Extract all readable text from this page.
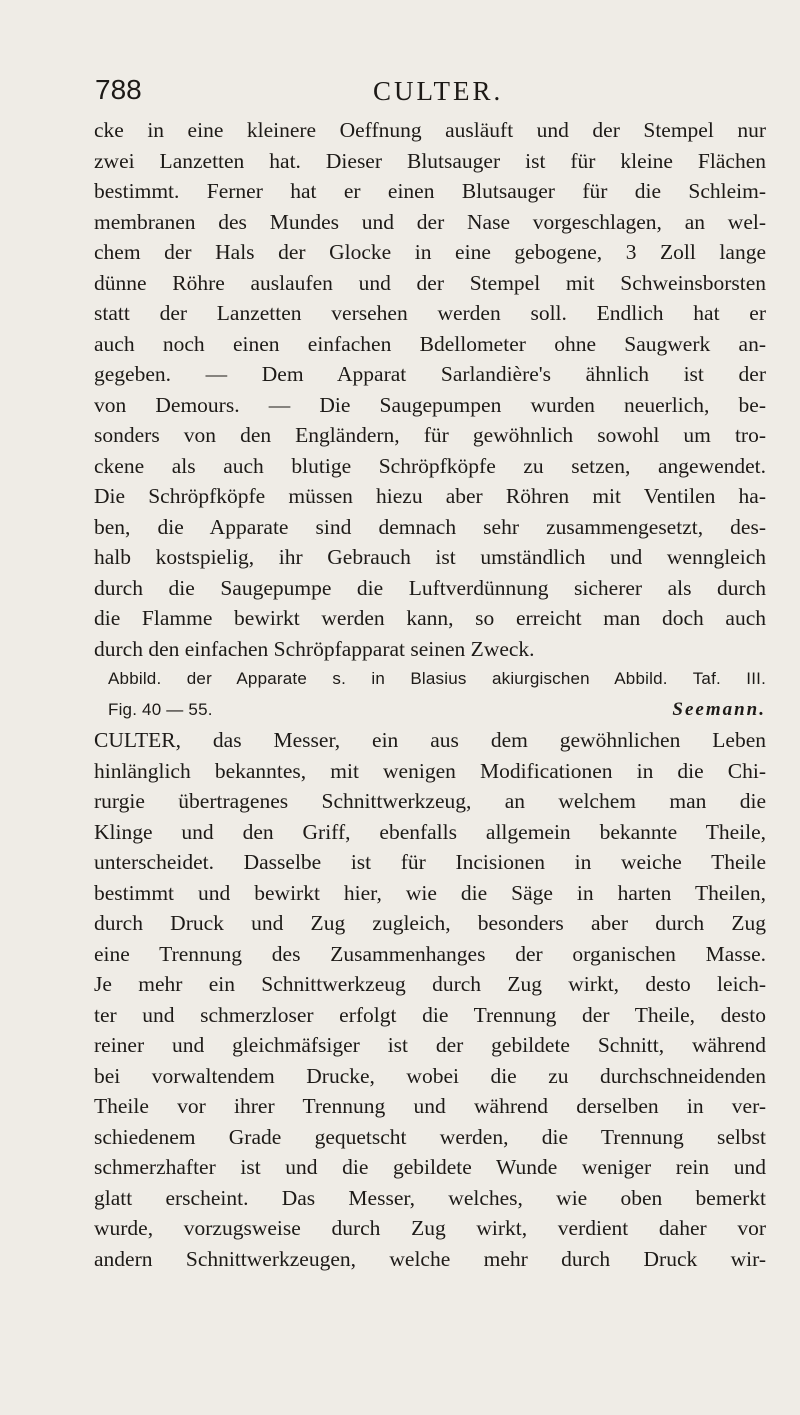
788	CULTER.
cke in eine kleinere Oeffnung ausläuft und der Stempel nur
zwei Lanzetten hat. Dieser Blutsauger ist für kleine Flächen
bestimmt. Ferner hat er einen Blutsauger für die Schleim-
membranen des Mundes und der Nase vorgeschlagen, an wel-
chem der Hals der Glocke in eine gebogene, 3 Zoll lange
dünne Röhre auslaufen und der Stempel mit Schweinsborsten
statt der Lanzetten versehen werden soll. Endlich hat er
auch noch einen einfachen Bdellometer ohne Saugwerk an-
gegeben. — Dem Apparat Sarlandière's ähnlich ist der
von Demours. — Die Saugepumpen wurden neuerlich, be-
sonders von den Engländern, für gewöhnlich sowohl um tro-
ckene als auch blutige Schröpfköpfe zu setzen, angewendet.
Die Schröpfköpfe müssen hiezu aber Röhren mit Ventilen ha-
ben, die Apparate sind demnach sehr zusammengesetzt, des-
halb kostspielig, ihr Gebrauch ist umständlich und wenngleich
durch die Saugepumpe die Luftverdünnung sicherer als durch
die Flamme bewirkt werden kann, so erreicht man doch auch
durch den einfachen Schröpfapparat seinen Zweck.
Abbild. der Apparate s. in Blasius akiurgischen Abbild. Taf. III.
Fig. 40 — 55.	Seemann.
CULTER, das Messer, ein aus dem gewöhnlichen Leben
hinlänglich bekanntes, mit wenigen Modificationen in die Chi-
rurgie übertragenes Schnittwerkzeug, an welchem man die
Klinge und den Griff, ebenfalls allgemein bekannte Theile,
unterscheidet. Dasselbe ist für Incisionen in weiche Theile
bestimmt und bewirkt hier, wie die Säge in harten Theilen,
durch Druck und Zug zugleich, besonders aber durch Zug
eine Trennung des Zusammenhanges der organischen Masse.
Je mehr ein Schnittwerkzeug durch Zug wirkt, desto leich-
ter und schmerzloser erfolgt die Trennung der Theile, desto
reiner und gleichmäfsiger ist der gebildete Schnitt, während
bei vorwaltendem Drucke, wobei die zu durchschneidenden
Theile vor ihrer Trennung und während derselben in ver-
schiedenem Grade gequetscht werden, die Trennung selbst
schmerzhafter ist und die gebildete Wunde weniger rein und
glatt erscheint. Das Messer, welches, wie oben bemerkt
wurde, vorzugsweise durch Zug wirkt, verdient daher vor
andern Schnittwerkzeugen, welche mehr durch Druck wir-
